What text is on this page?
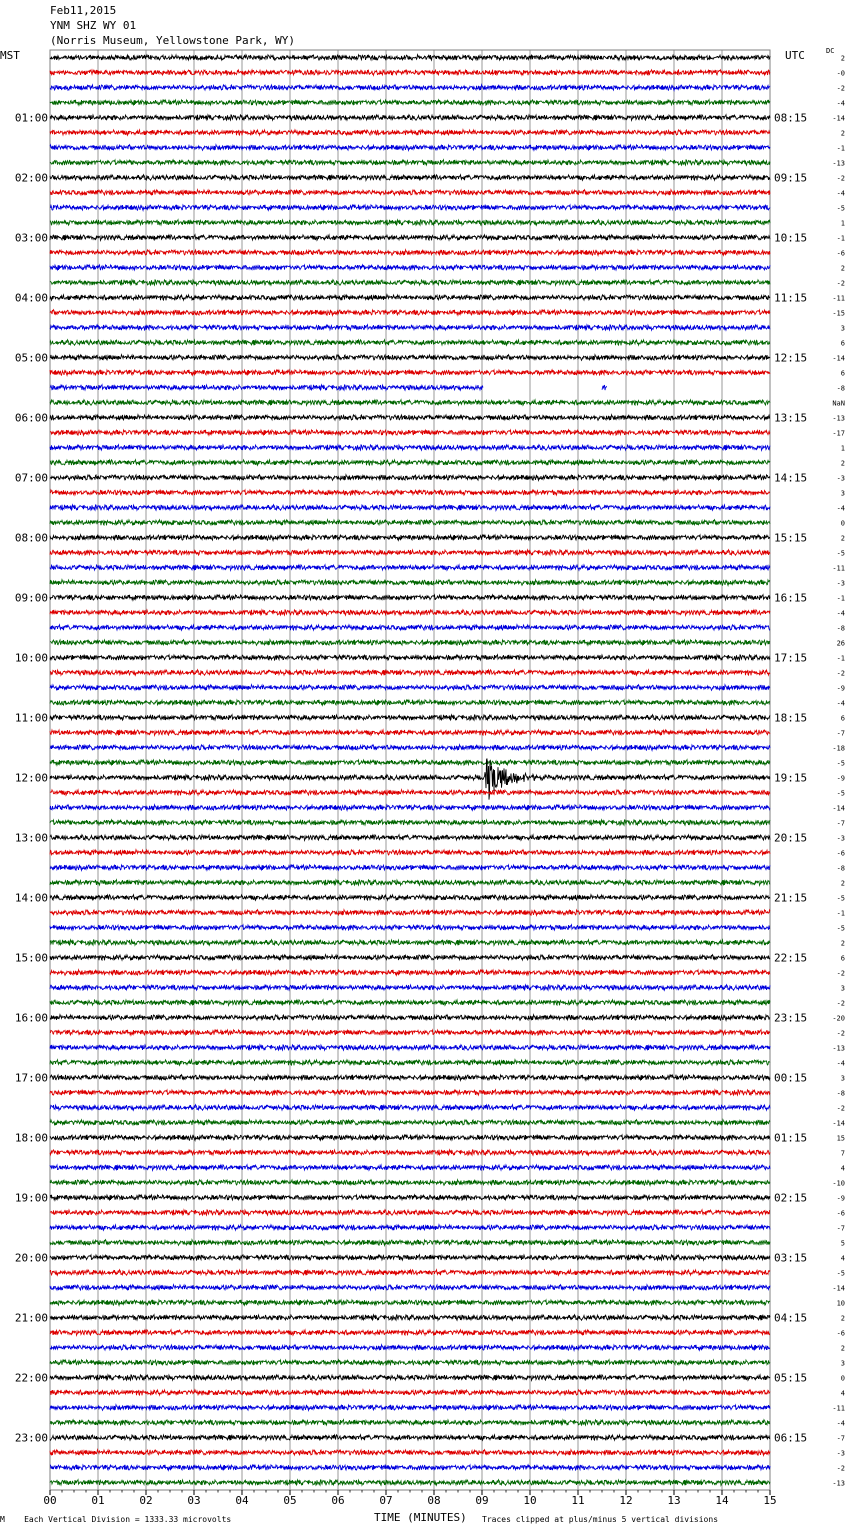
01:00
02:00
03:00
04:00
05:00
06:00
07:00
08:00
09:00
10:00
11:00
12:00
13:00
14:00
15:00
16:00
17:00
18:00
19:00
20:00
21:00
22:00
23:00
08:15
09:15
10:15
11:15
12:15
13:15
14:15
15:15
16:15
17:15
18:15
19:15
20:15
21:15
22:15
23:15
00:15
01:15
02:15
03:15
04:15
05:15
06:15
2
-0
-2
-4
-14
2
-1
-13
-2
-4
-5
1
-1
-6
2
-2
-11
-15
3
6
-14
6
-8
NaN
-13
-17
1
2
-3
3
-4
0
2
-5
-11
-3
-1
-4
-8
26
-1
-2
-9
-4
6
-7
-18
-5
-9
-5
-14
-7
-3
-6
-8
2
-5
-1
-5
2
6
-2
3
-2
-20
-2
-13
-4
3
-8
-2
-14
15
7
4
-10
-9
-6
-7
5
4
-5
-14
10
2
-6
2
3
0
4
-11
-4
-7
-3
-2
-13
00	01	02	03	04	05	06	07	08	09	10	11	12	13	14	15
Feb11,2015
YNM SHZ WY 01
(Norris Museum, Yellowstone Park, WY)
MST	UTC	DC
M Each Vertical Division = 1333.33 microvolts	TIME (MINUTES) Traces clipped at plus/minus 5 vertical divisions
